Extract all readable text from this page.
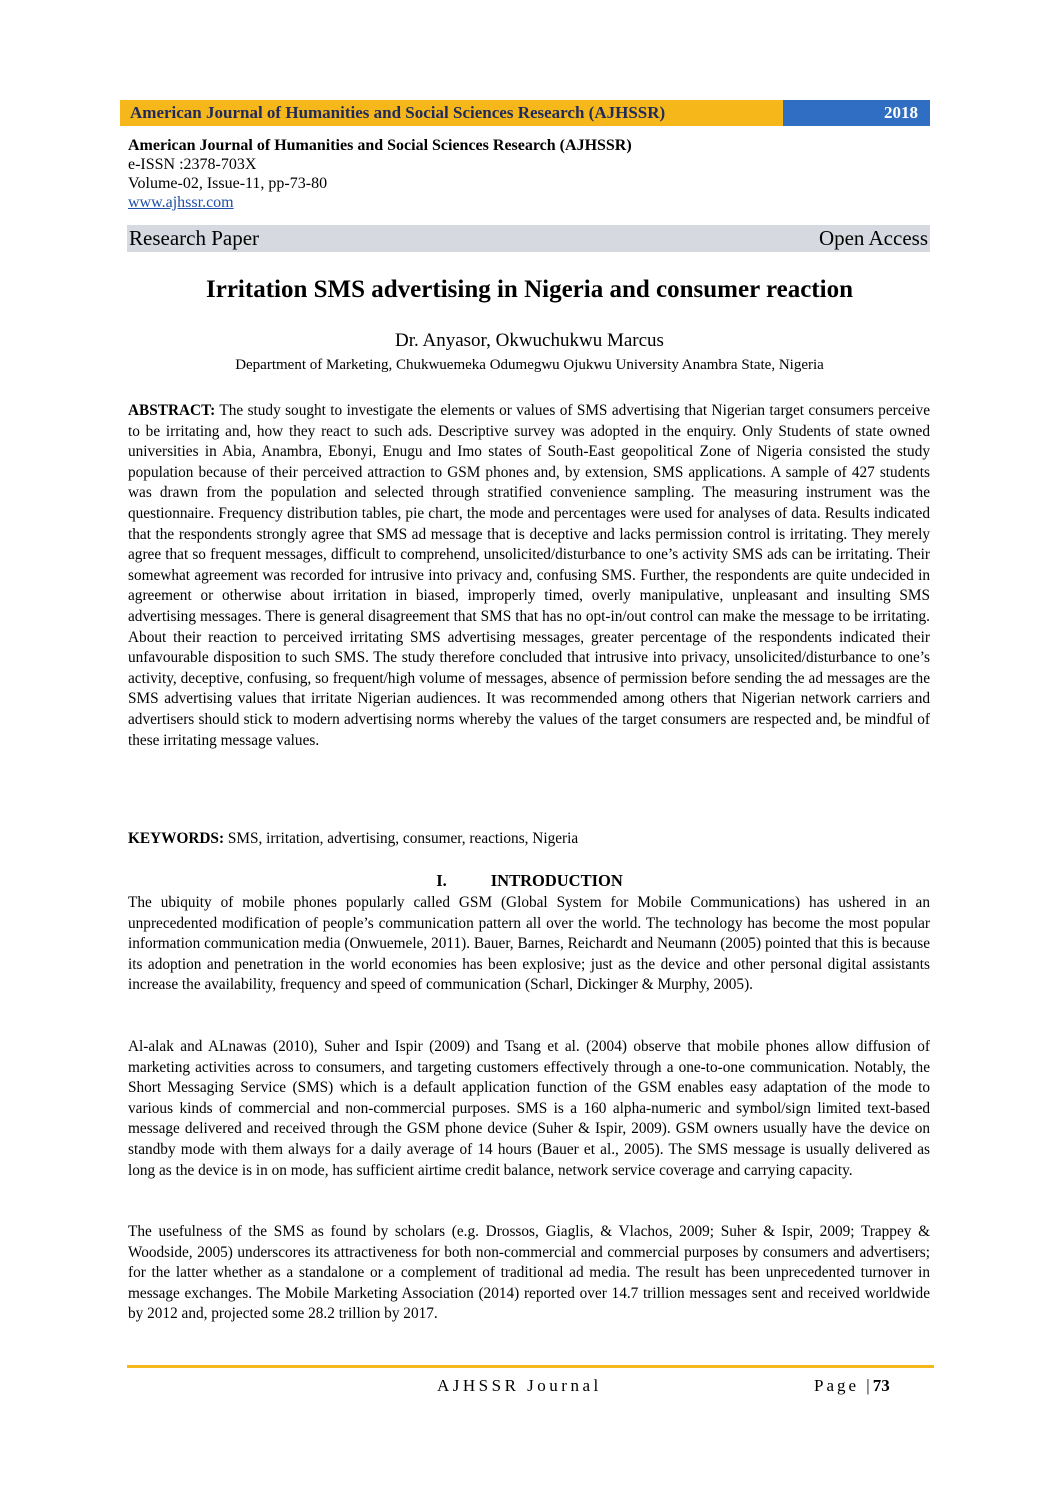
American Journal of Humanities and Social Sciences Research (AJHSSR)	2018
American Journal of Humanities and Social Sciences Research (AJHSSR)
e-ISSN :2378-703X
Volume-02, Issue-11, pp-73-80
www.ajhssr.com
Research Paper	Open Access
Irritation SMS advertising in Nigeria and consumer reaction
Dr. Anyasor, Okwuchukwu Marcus
Department of Marketing, Chukwuemeka Odumegwu Ojukwu University Anambra State, Nigeria
ABSTRACT: The study sought to investigate the elements or values of SMS advertising that Nigerian target consumers perceive to be irritating and, how they react to such ads. Descriptive survey was adopted in the enquiry. Only Students of state owned universities in Abia, Anambra, Ebonyi, Enugu and Imo states of South-East geopolitical Zone of Nigeria consisted the study population because of their perceived attraction to GSM phones and, by extension, SMS applications. A sample of 427 students was drawn from the population and selected through stratified convenience sampling. The measuring instrument was the questionnaire. Frequency distribution tables, pie chart, the mode and percentages were used for analyses of data. Results indicated that the respondents strongly agree that SMS ad message that is deceptive and lacks permission control is irritating. They merely agree that so frequent messages, difficult to comprehend, unsolicited/disturbance to one’s activity SMS ads can be irritating. Their somewhat agreement was recorded for intrusive into privacy and, confusing SMS. Further, the respondents are quite undecided in agreement or otherwise about irritation in biased, improperly timed, overly manipulative, unpleasant and insulting SMS advertising messages. There is general disagreement that SMS that has no opt-in/out control can make the message to be irritating. About their reaction to perceived irritating SMS advertising messages, greater percentage of the respondents indicated their unfavourable disposition to such SMS. The study therefore concluded that intrusive into privacy, unsolicited/disturbance to one’s activity, deceptive, confusing, so frequent/high volume of messages, absence of permission before sending the ad messages are the SMS advertising values that irritate Nigerian audiences. It was recommended among others that Nigerian network carriers and advertisers should stick to modern advertising norms whereby the values of the target consumers are respected and, be mindful of these irritating message values.
KEYWORDS: SMS, irritation, advertising, consumer, reactions, Nigeria
I.	INTRODUCTION
The ubiquity of mobile phones popularly called GSM (Global System for Mobile Communications) has ushered in an unprecedented modification of people’s communication pattern all over the world. The technology has become the most popular information communication media (Onwuemele, 2011). Bauer, Barnes, Reichardt and Neumann (2005) pointed that this is because its adoption and penetration in the world economies has been explosive; just as the device and other personal digital assistants increase the availability, frequency and speed of communication (Scharl, Dickinger & Murphy, 2005).
Al-alak and ALnawas (2010), Suher and Ispir (2009) and Tsang et al. (2004) observe that mobile phones allow diffusion of marketing activities across to consumers, and targeting customers effectively through a one-to-one communication. Notably, the Short Messaging Service (SMS) which is a default application function of the GSM enables easy adaptation of the mode to various kinds of commercial and non-commercial purposes. SMS is a 160 alpha-numeric and symbol/sign limited text-based message delivered and received through the GSM phone device (Suher & Ispir, 2009). GSM owners usually have the device on standby mode with them always for a daily average of 14 hours (Bauer et al., 2005). The SMS message is usually delivered as long as the device is in on mode, has sufficient airtime credit balance, network service coverage and carrying capacity.
The usefulness of the SMS as found by scholars (e.g. Drossos, Giaglis, & Vlachos, 2009; Suher & Ispir, 2009; Trappey & Woodside, 2005) underscores its attractiveness for both non-commercial and commercial purposes by consumers and advertisers; for the latter whether as a standalone or a complement of traditional ad media. The result has been unprecedented turnover in message exchanges. The Mobile Marketing Association (2014) reported over 14.7 trillion messages sent and received worldwide by 2012 and, projected some 28.2 trillion by 2017.
AJHSSR Journal	Page |73
